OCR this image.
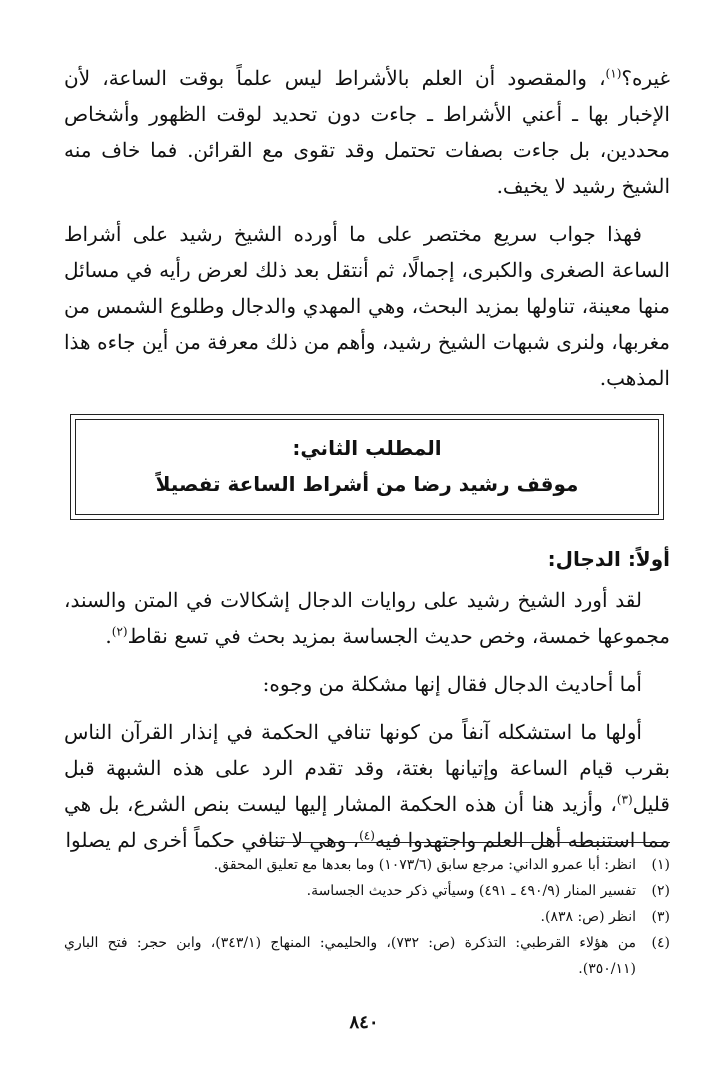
غيره؟$^{(١)}$، والمقصود أن العلم بالأشراط ليس علماً بوقت الساعة، لأن الإخبار بها ـ أعني الأشراط ـ جاءت دون تحديد لوقت الظهور وأشخاص محددين، بل جاءت بصفات تحتمل وقد تقوى مع القرائن. فما خاف منه الشيخ رشيد لا يخيف.

فهذا جواب سريع مختصر على ما أورده الشيخ رشيد على أشراط الساعة الصغرى والكبرى، إجمالًا، ثم أنتقل بعد ذلك لعرض رأيه في مسائل منها معينة، تناولها بمزيد البحث، وهي المهدي والدجال وطلوع الشمس من مغربها، ولنرى شبهات الشيخ رشيد، وأهم من ذلك معرفة من أين جاءه هذا المذهب.

المطلب الثاني:
موقف رشيد رضا من أشراط الساعة تفصيلاً
أولاً: الدجال:

لقد أورد الشيخ رشيد على روايات الدجال إشكالات في المتن والسند، مجموعها خمسة، وخص حديث الجساسة بمزيد بحث في تسع نقاط$^{(٢)}$.

أما أحاديث الدجال فقال إنها مشكلة من وجوه:

أولها ما استشكله آنفاً من كونها تنافي الحكمة في إنذار القرآن الناس بقرب قيام الساعة وإتيانها بغتة، وقد تقدم الرد على هذه الشبهة قبل قليل$^{(٣)}$، وأزيد هنا أن هذه الحكمة المشار إليها ليست بنص الشرع، بل هي مما استنبطه أهل العلم واجتهدوا فيه$^{(٤)}$، وهي لا تنافي حكماً أخرى لم يصلوا

(١)
انظر: أبا عمرو الداني: مرجع سابق (١٠٧٣/٦) وما بعدها مع تعليق المحقق.
(٢)
تفسير المنار (٤٩٠/٩ ـ ٤٩١) وسيأتي ذكر حديث الجساسة.
(٣)
انظر (ص: ٨٣٨).
(٤)
من هؤلاء القرطبي: التذكرة (ص: ٧٣٢)، والحليمي: المنهاج (٣٤٣/١)، وابن حجر: فتح الباري (٣٥٠/١١).
٨٤٠
